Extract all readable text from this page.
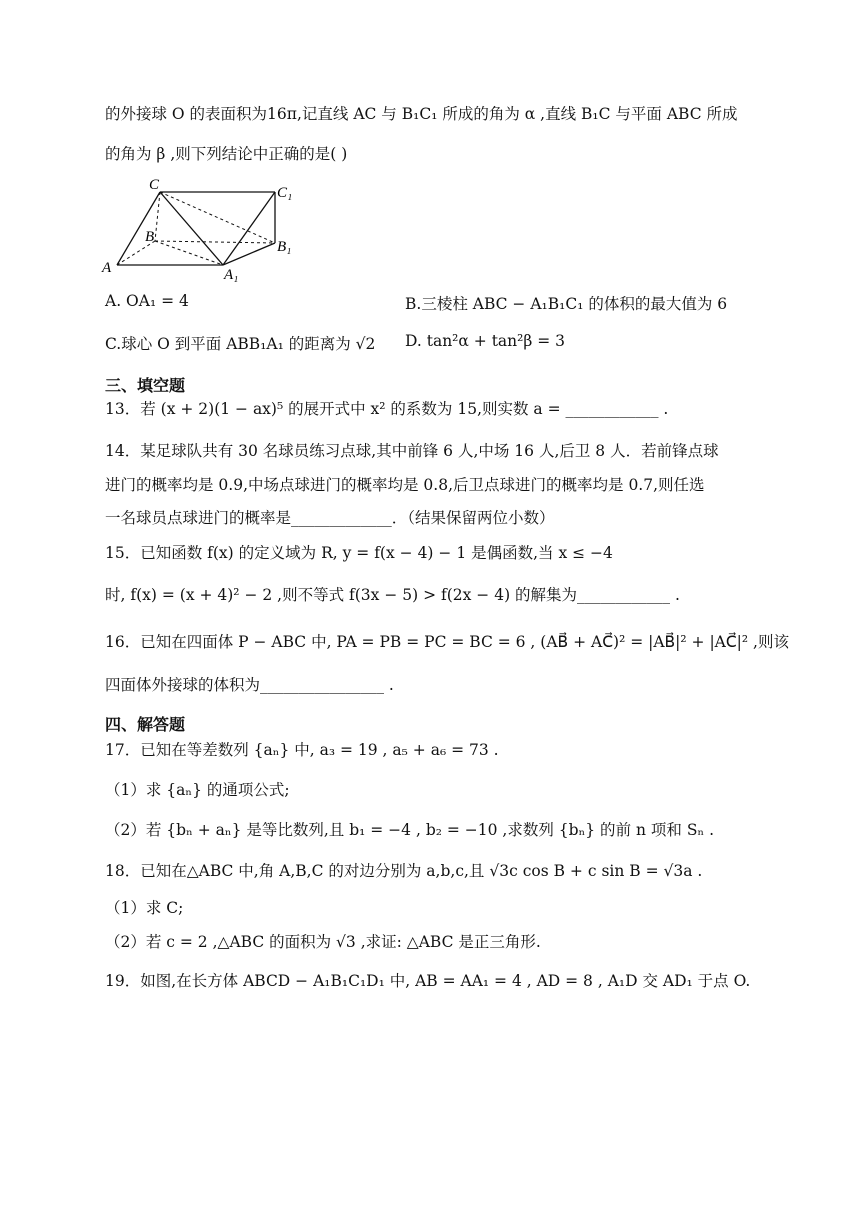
的外接球 O 的表面积为16π,记直线 AC 与 B₁C₁ 所成的角为 α ,直线 B₁C 与平面 ABC 所成
的角为 β ,则下列结论中正确的是( )
C	C₁
B
B₁
A	A₁
A. OA₁ = 4	B.三棱柱 ABC − A₁B₁C₁ 的体积的最大值为 6
C.球心 O 到平面 ABB₁A₁ 的距离为 √2 D. tan²α + tan²β = 3
三、填空题
13．若 (x + 2)(1 − ax)⁵ 的展开式中 x² 的系数为 15,则实数 a = ____________ .
14．某足球队共有 30 名球员练习点球,其中前锋 6 人,中场 16 人,后卫 8 人．若前锋点球
进门的概率均是 0.9,中场点球进门的概率均是 0.8,后卫点球进门的概率均是 0.7,则任选
一名球员点球进门的概率是_____________．（结果保留两位小数）
15．已知函数 f(x) 的定义域为 R, y = f(x − 4) − 1 是偶函数,当 x ≤ −4
时, f(x) = (x + 4)² − 2 ,则不等式 f(3x − 5) > f(2x − 4) 的解集为____________ .
16．已知在四面体 P − ABC 中, PA = PB = PC = BC = 6 , (AB⃗ + AC⃗)² = |AB⃗|² + |AC⃗|² ,则该
四面体外接球的体积为________________ .
四、解答题
17．已知在等差数列 {aₙ} 中, a₃ = 19 , a₅ + a₆ = 73 .
（1）求 {aₙ} 的通项公式;
（2）若 {bₙ + aₙ} 是等比数列,且 b₁ = −4 , b₂ = −10 ,求数列 {bₙ} 的前 n 项和 Sₙ .
18．已知在△ABC 中,角 A,B,C 的对边分别为 a,b,c,且 √3c cos B + c sin B = √3a .
（1）求 C;
（2）若 c = 2 ,△ABC 的面积为 √3 ,求证: △ABC 是正三角形.
19．如图,在长方体 ABCD − A₁B₁C₁D₁ 中, AB = AA₁ = 4 , AD = 8 , A₁D 交 AD₁ 于点 O.
